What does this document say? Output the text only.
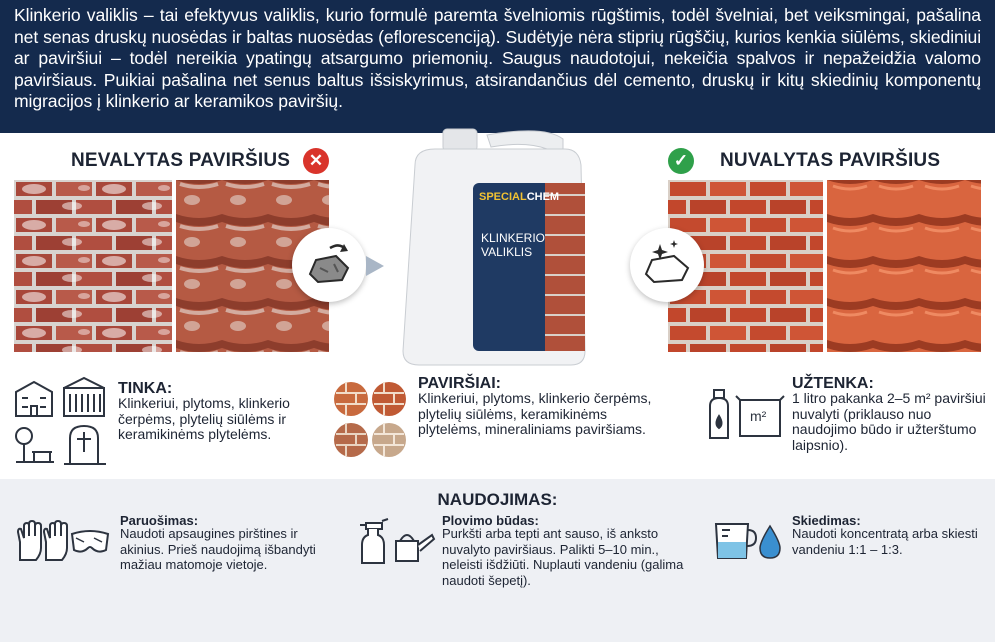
Klinkerio valiklis – tai efektyvus valiklis, kurio formulė paremta švelniomis rūgštimis, todėl švelniai, bet veiksmingai, pašalina net senas druskų nuosėdas ir baltas nuosėdas (eflorescenciją). Sudėtyje nėra stiprių rūgščių, kurios kenkia siūlėms, skiediniui ar paviršiui – todėl nereikia ypatingų atsargumo priemonių. Saugus naudotojui, nekeičia spalvos ir nepažeidžia valomo paviršiaus. Puikiai pašalina net senus baltus išsiskyrimus, atsirandančius dėl cemento, druskų ir kitų skiedinių komponentų migracijos į klinkerio ar keramikos paviršių.

NEVALYTAS PAVIRŠIUS	✕
SPECIALCHEM
KLINKERIO
VALIKLIS
✓	NUVALYTAS PAVIRŠIUS
TINKA:
Klinkeriui, plytoms, klinkerio čerpėms, plytelių siūlėms ir keramikinėms plytelėms.
PAVIRŠIAI:
Klinkeriui, plytoms, klinkerio čerpėms, plytelių siūlėms, keramikinėms plytelėms, mineraliniams paviršiams.
m²
UŽTENKA:
1 litro pakanka 2–5 m² paviršiui nuvalyti (priklauso nuo naudojimo būdo ir užterštumo laipsnio).
NAUDOJIMAS:
Paruošimas:
Naudoti apsaugines pirštines ir akinius. Prieš naudojimą išbandyti mažiau matomoje vietoje.
Plovimo būdas:
Purkšti arba tepti ant sauso, iš anksto nuvalyto paviršiaus. Palikti 5–10 min., neleisti išdžiūti. Nuplauti vandeniu (galima naudoti šepetį).
Skiedimas:
Naudoti koncentratą arba skiesti vandeniu 1:1 – 1:3.
